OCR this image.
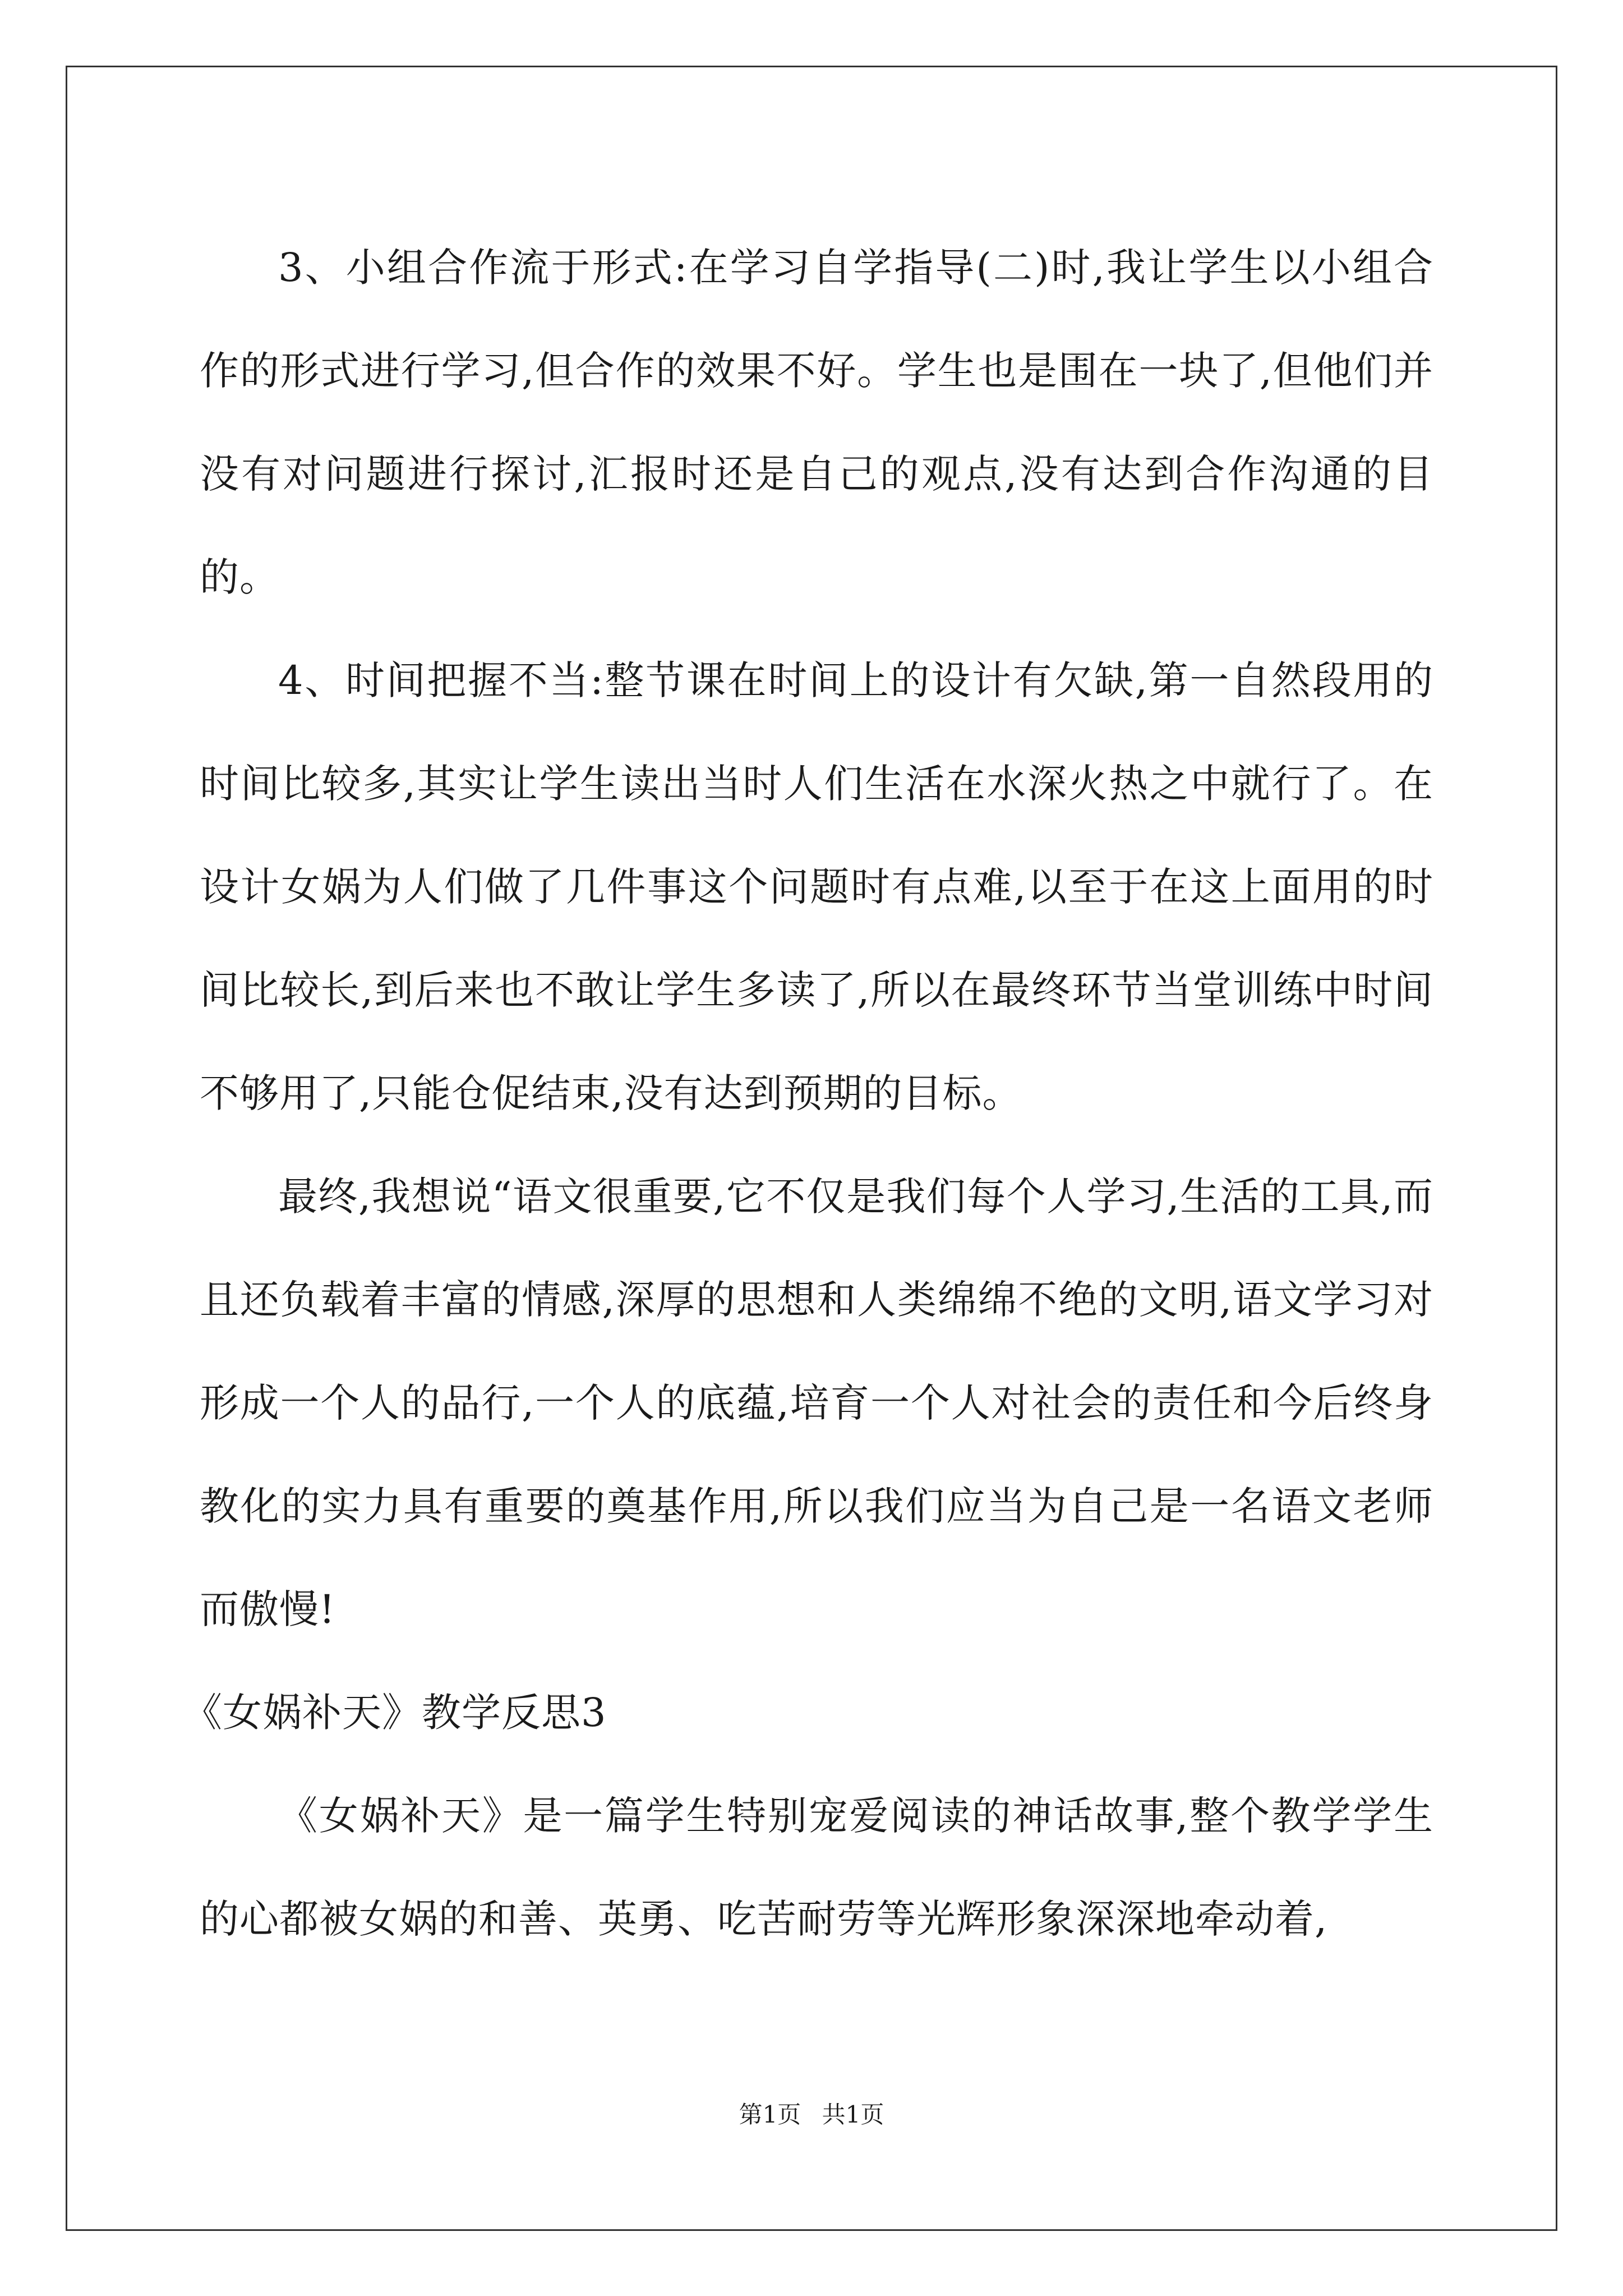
3、小组合作流于形式:在学习自学指导(二)时,我让学生以小组合作的形式进行学习,但合作的效果不好。学生也是围在一块了,但他们并没有对问题进行探讨,汇报时还是自己的观点,没有达到合作沟通的目的。

4、时间把握不当:整节课在时间上的设计有欠缺,第一自然段用的时间比较多,其实让学生读出当时人们生活在水深火热之中就行了。在设计女娲为人们做了几件事这个问题时有点难,以至于在这上面用的时间比较长,到后来也不敢让学生多读了,所以在最终环节当堂训练中时间不够用了,只能仓促结束,没有达到预期的目标。

最终,我想说“语文很重要,它不仅是我们每个人学习,生活的工具,而且还负载着丰富的情感,深厚的思想和人类绵绵不绝的文明,语文学习对形成一个人的品行,一个人的底蕴,培育一个人对社会的责任和今后终身教化的实力具有重要的奠基作用,所以我们应当为自己是一名语文老师而傲慢!

《女娲补天》教学反思3

《女娲补天》是一篇学生特别宠爱阅读的神话故事,整个教学学生的心都被女娲的和善、英勇、吃苦耐劳等光辉形象深深地牵动着,

第1页 共1页
